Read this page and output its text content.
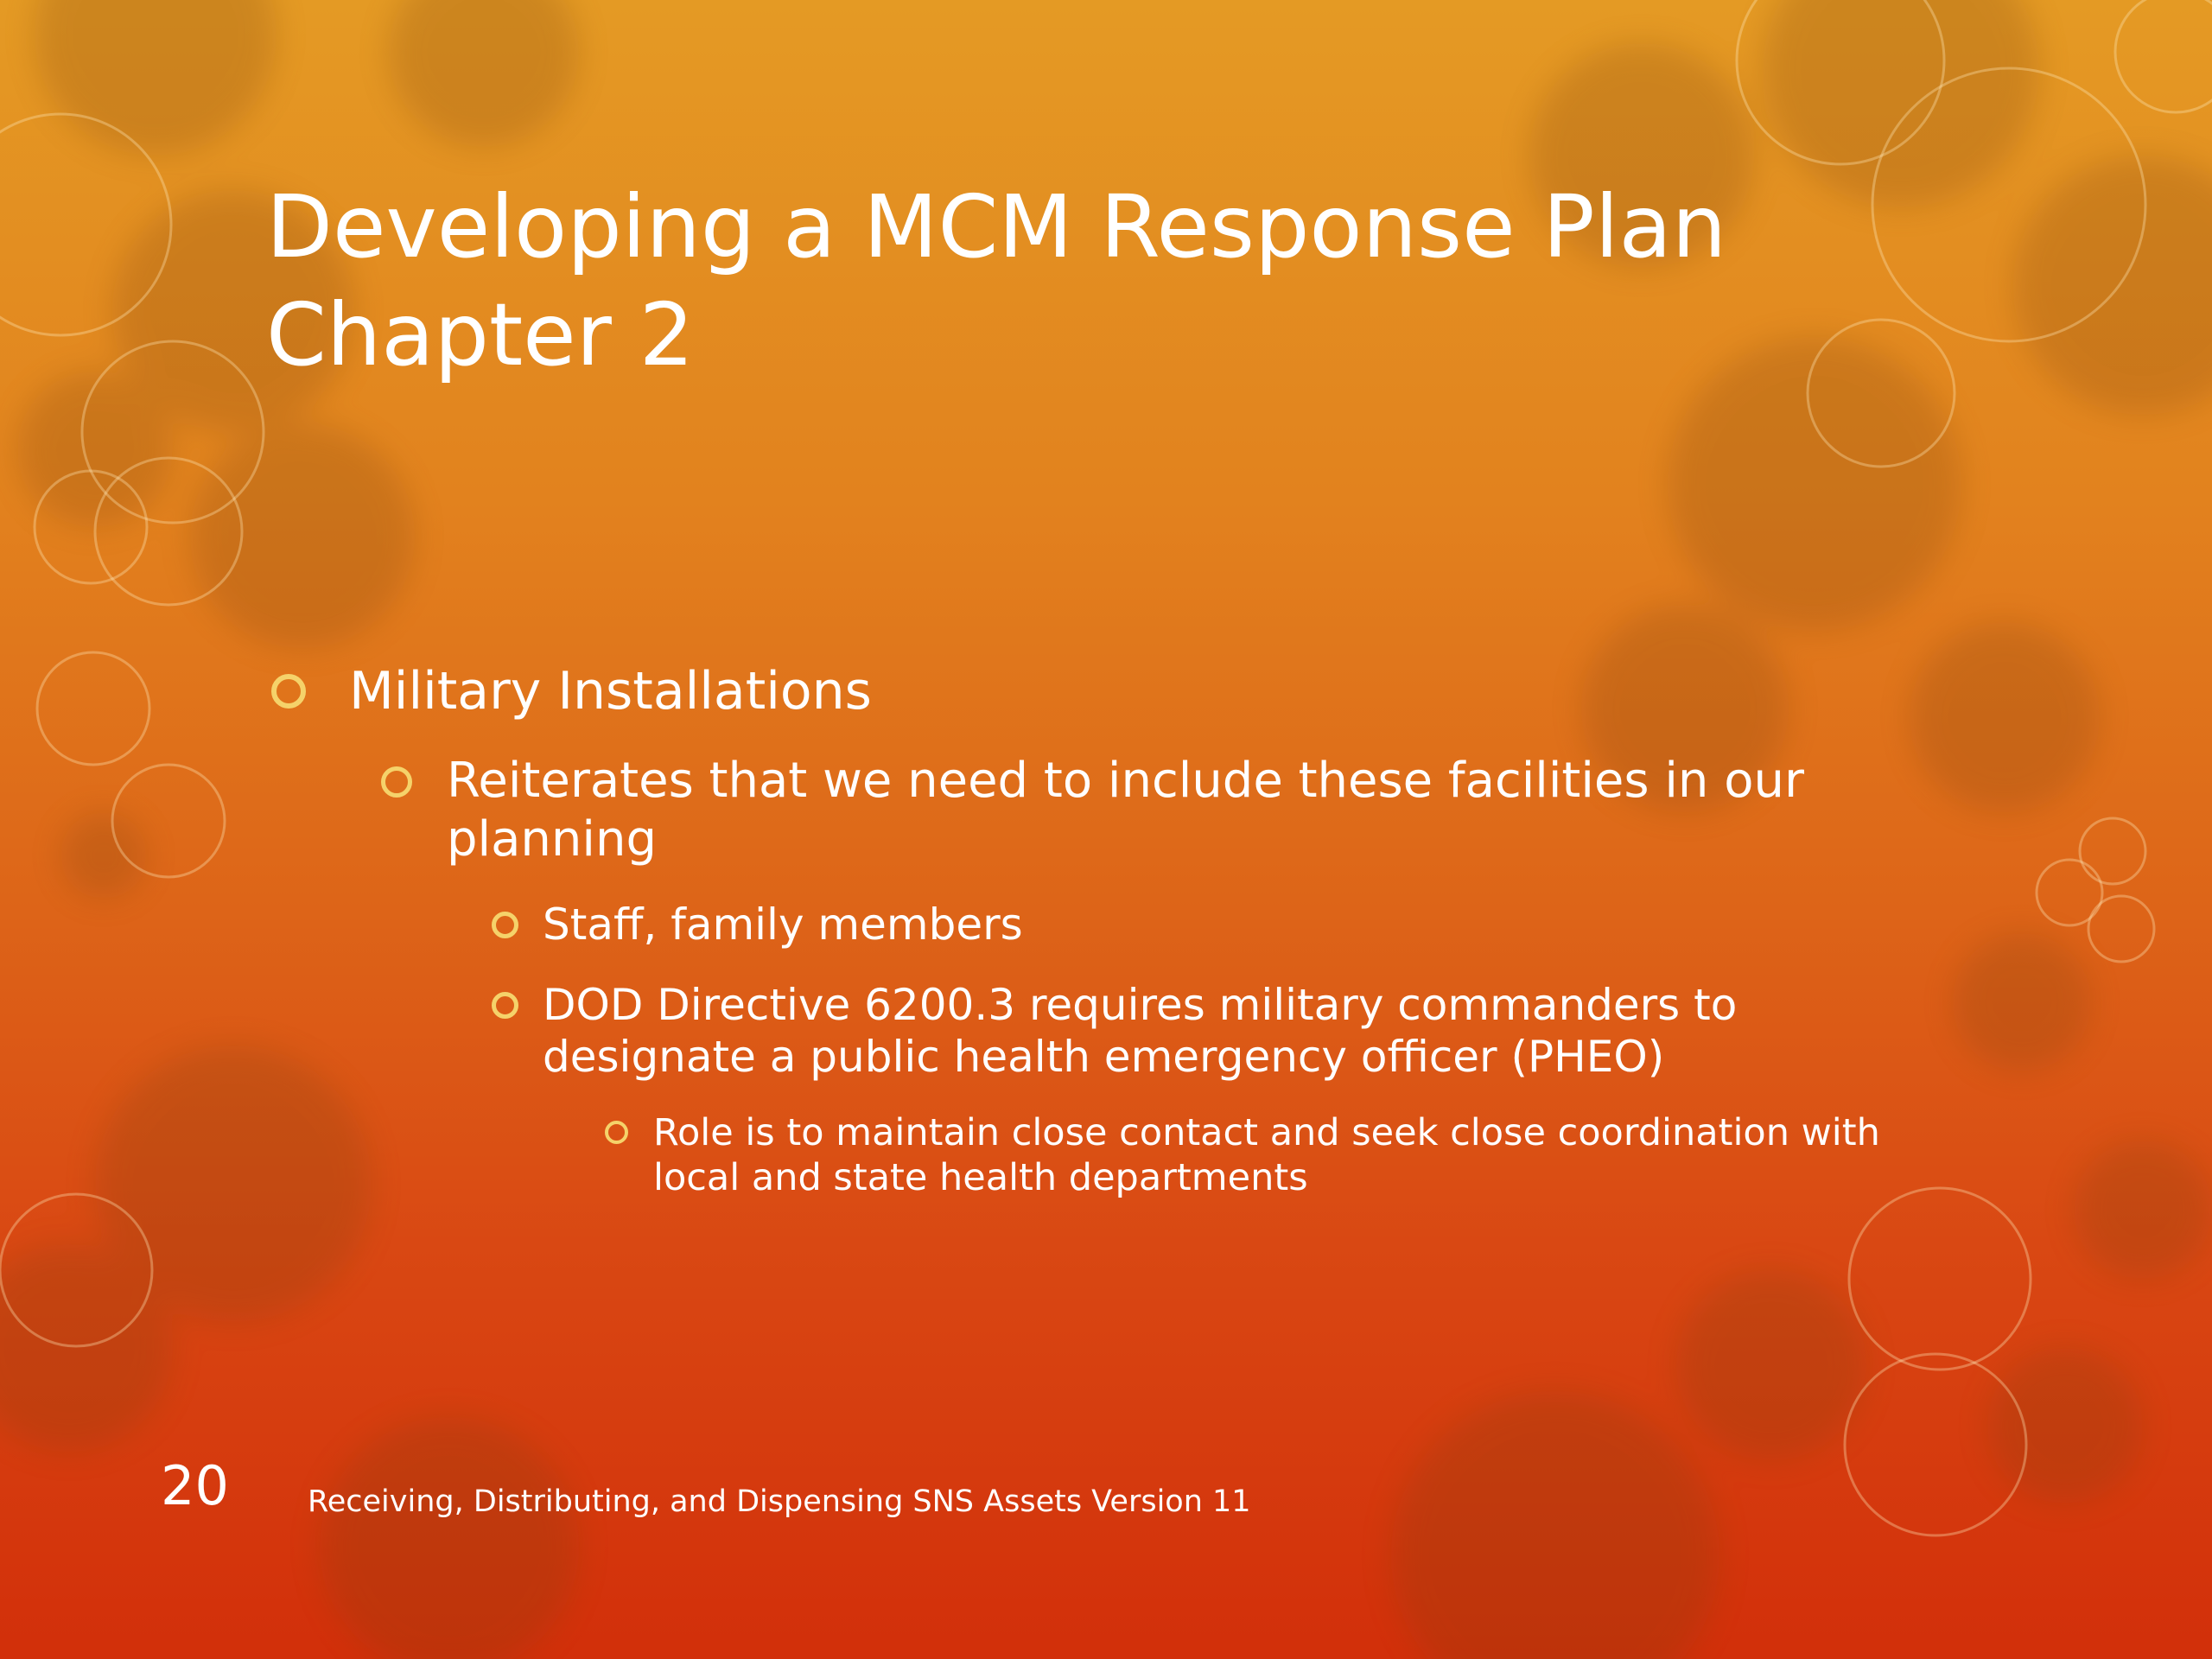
Developing a MCM Response Plan
Chapter 2
Military Installations
Reiterates that we need to include these facilities in our planning
Staff, family members
DOD Directive 6200.3 requires military commanders to designate a public health emergency officer (PHEO)
Role is to maintain close contact and seek close coordination with local and state health departments
20	Receiving, Distributing, and Dispensing SNS Assets Version 11
